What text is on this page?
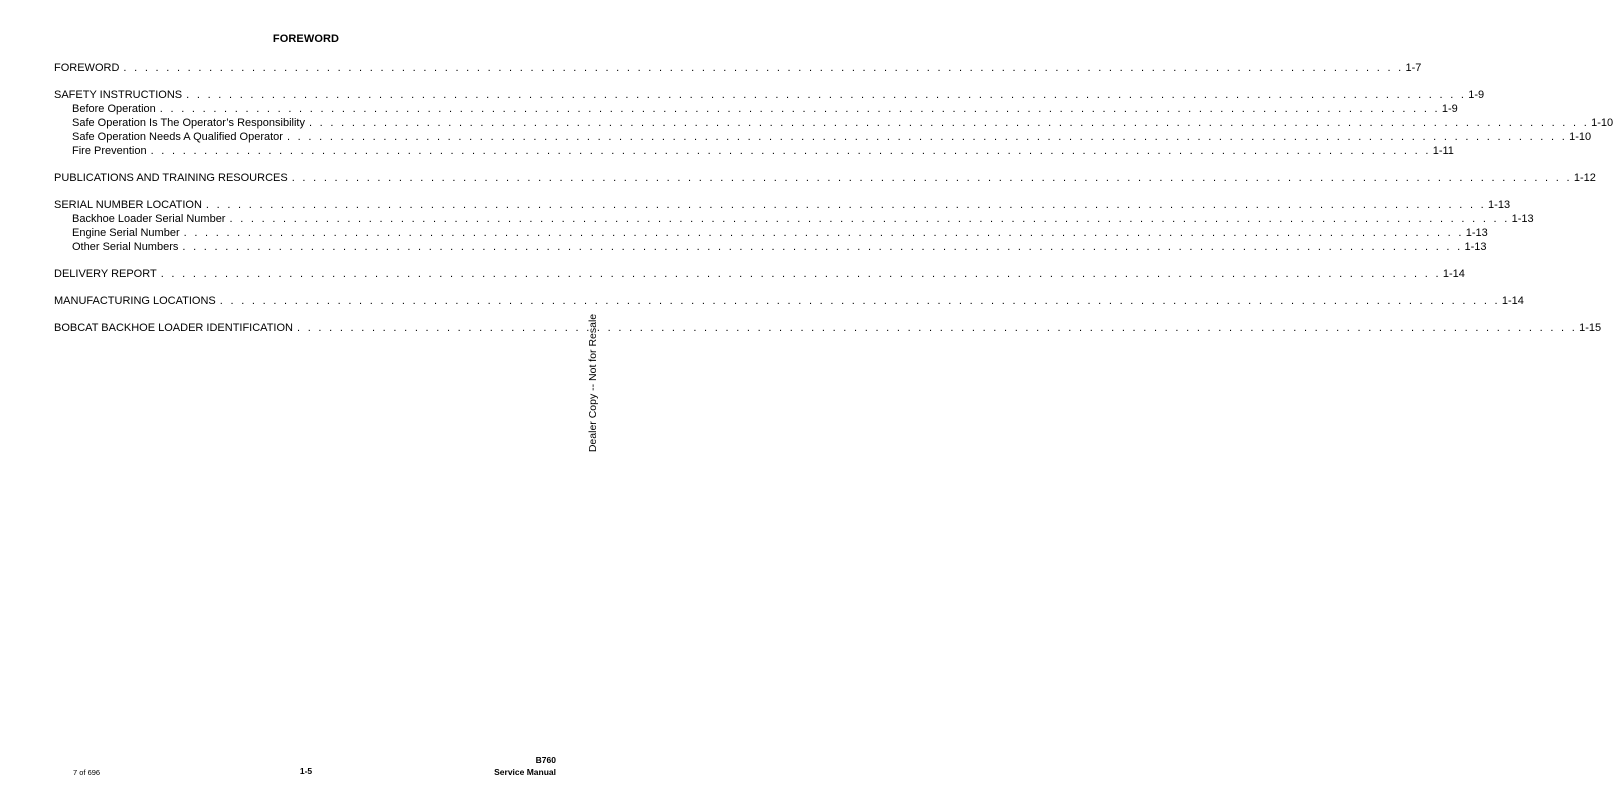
FOREWORD
FOREWORD . . . . . . . . . . . . . . . . . . . . . . . . . . . . . . . . . . . . . . . . . . . . . . . . . . . . . . . . . . . . . . . . . . . . . . . . . . . . . . . . . . . . . . . . . . . . . . . . . . . . . . . . . . . . . . . . . . . . . . . . 1-7
SAFETY INSTRUCTIONS . . . . . . . . . . . . . . . . . . . . . . . . . . . . . . . . . . . . . . . . . . . . . . . . . . . . . . . . . . . . . . . . . . . . . . . . . . . . . . . . . . . . . . . . . . . . . . . . . . . . . . . . . . . . . . . . . . . . . . . . 1-9
Before Operation . . . . . . . . . . . . . . . . . . . . . . . . . . . . . . . . . . . . . . . . . . . . . . . . . . . . . . . . . . . . . . . . . . . . . . . . . . . . . . . . . . . . . . . . . . . . . . . . . . . . . . . . . . . . . . . . . . . . . . . . 1-9
Safe Operation Is The Operator’s Responsibility . . . . . . . . . . . . . . . . . . . . . . . . . . . . . . . . . . . . . . . . . . . . . . . . . . . . . . . . . . . . . . . . . . . . . . . . . . . . . . . . . . . . . . . . . . . . . . . . . . . . . . . . . . . . . . . . . . . . . . . . 1-10
Safe Operation Needs A Qualified Operator . . . . . . . . . . . . . . . . . . . . . . . . . . . . . . . . . . . . . . . . . . . . . . . . . . . . . . . . . . . . . . . . . . . . . . . . . . . . . . . . . . . . . . . . . . . . . . . . . . . . . . . . . . . . . . . . . . . . . . . . 1-10
Fire Prevention . . . . . . . . . . . . . . . . . . . . . . . . . . . . . . . . . . . . . . . . . . . . . . . . . . . . . . . . . . . . . . . . . . . . . . . . . . . . . . . . . . . . . . . . . . . . . . . . . . . . . . . . . . . . . . . . . . . . . . . . 1-11
PUBLICATIONS AND TRAINING RESOURCES . . . . . . . . . . . . . . . . . . . . . . . . . . . . . . . . . . . . . . . . . . . . . . . . . . . . . . . . . . . . . . . . . . . . . . . . . . . . . . . . . . . . . . . . . . . . . . . . . . . . . . . . . . . . . . . . . . . . . . . . 1-12
SERIAL NUMBER LOCATION . . . . . . . . . . . . . . . . . . . . . . . . . . . . . . . . . . . . . . . . . . . . . . . . . . . . . . . . . . . . . . . . . . . . . . . . . . . . . . . . . . . . . . . . . . . . . . . . . . . . . . . . . . . . . . . . . . . . . . . . 1-13
Backhoe Loader Serial Number . . . . . . . . . . . . . . . . . . . . . . . . . . . . . . . . . . . . . . . . . . . . . . . . . . . . . . . . . . . . . . . . . . . . . . . . . . . . . . . . . . . . . . . . . . . . . . . . . . . . . . . . . . . . . . . . . . . . . . . . 1-13
Engine Serial Number . . . . . . . . . . . . . . . . . . . . . . . . . . . . . . . . . . . . . . . . . . . . . . . . . . . . . . . . . . . . . . . . . . . . . . . . . . . . . . . . . . . . . . . . . . . . . . . . . . . . . . . . . . . . . . . . . . . . . . . . 1-13
Other Serial Numbers . . . . . . . . . . . . . . . . . . . . . . . . . . . . . . . . . . . . . . . . . . . . . . . . . . . . . . . . . . . . . . . . . . . . . . . . . . . . . . . . . . . . . . . . . . . . . . . . . . . . . . . . . . . . . . . . . . . . . . . . 1-13
DELIVERY REPORT . . . . . . . . . . . . . . . . . . . . . . . . . . . . . . . . . . . . . . . . . . . . . . . . . . . . . . . . . . . . . . . . . . . . . . . . . . . . . . . . . . . . . . . . . . . . . . . . . . . . . . . . . . . . . . . . . . . . . . . . 1-14
MANUFACTURING LOCATIONS . . . . . . . . . . . . . . . . . . . . . . . . . . . . . . . . . . . . . . . . . . . . . . . . . . . . . . . . . . . . . . . . . . . . . . . . . . . . . . . . . . . . . . . . . . . . . . . . . . . . . . . . . . . . . . . . . . . . . . . . 1-14
BOBCAT BACKHOE LOADER IDENTIFICATION . . . . . . . . . . . . . . . . . . . . . . . . . . . . . . . . . . . . . . . . . . . . . . . . . . . . . . . . . . . . . . . . . . . . . . . . . . . . . . . . . . . . . . . . . . . . . . . . . . . . . . . . . . . . . . . . . . . . . . . . 1-15
Dealer Copy -- Not for Resale
7 of 696	1-5
B760
Service Manual
